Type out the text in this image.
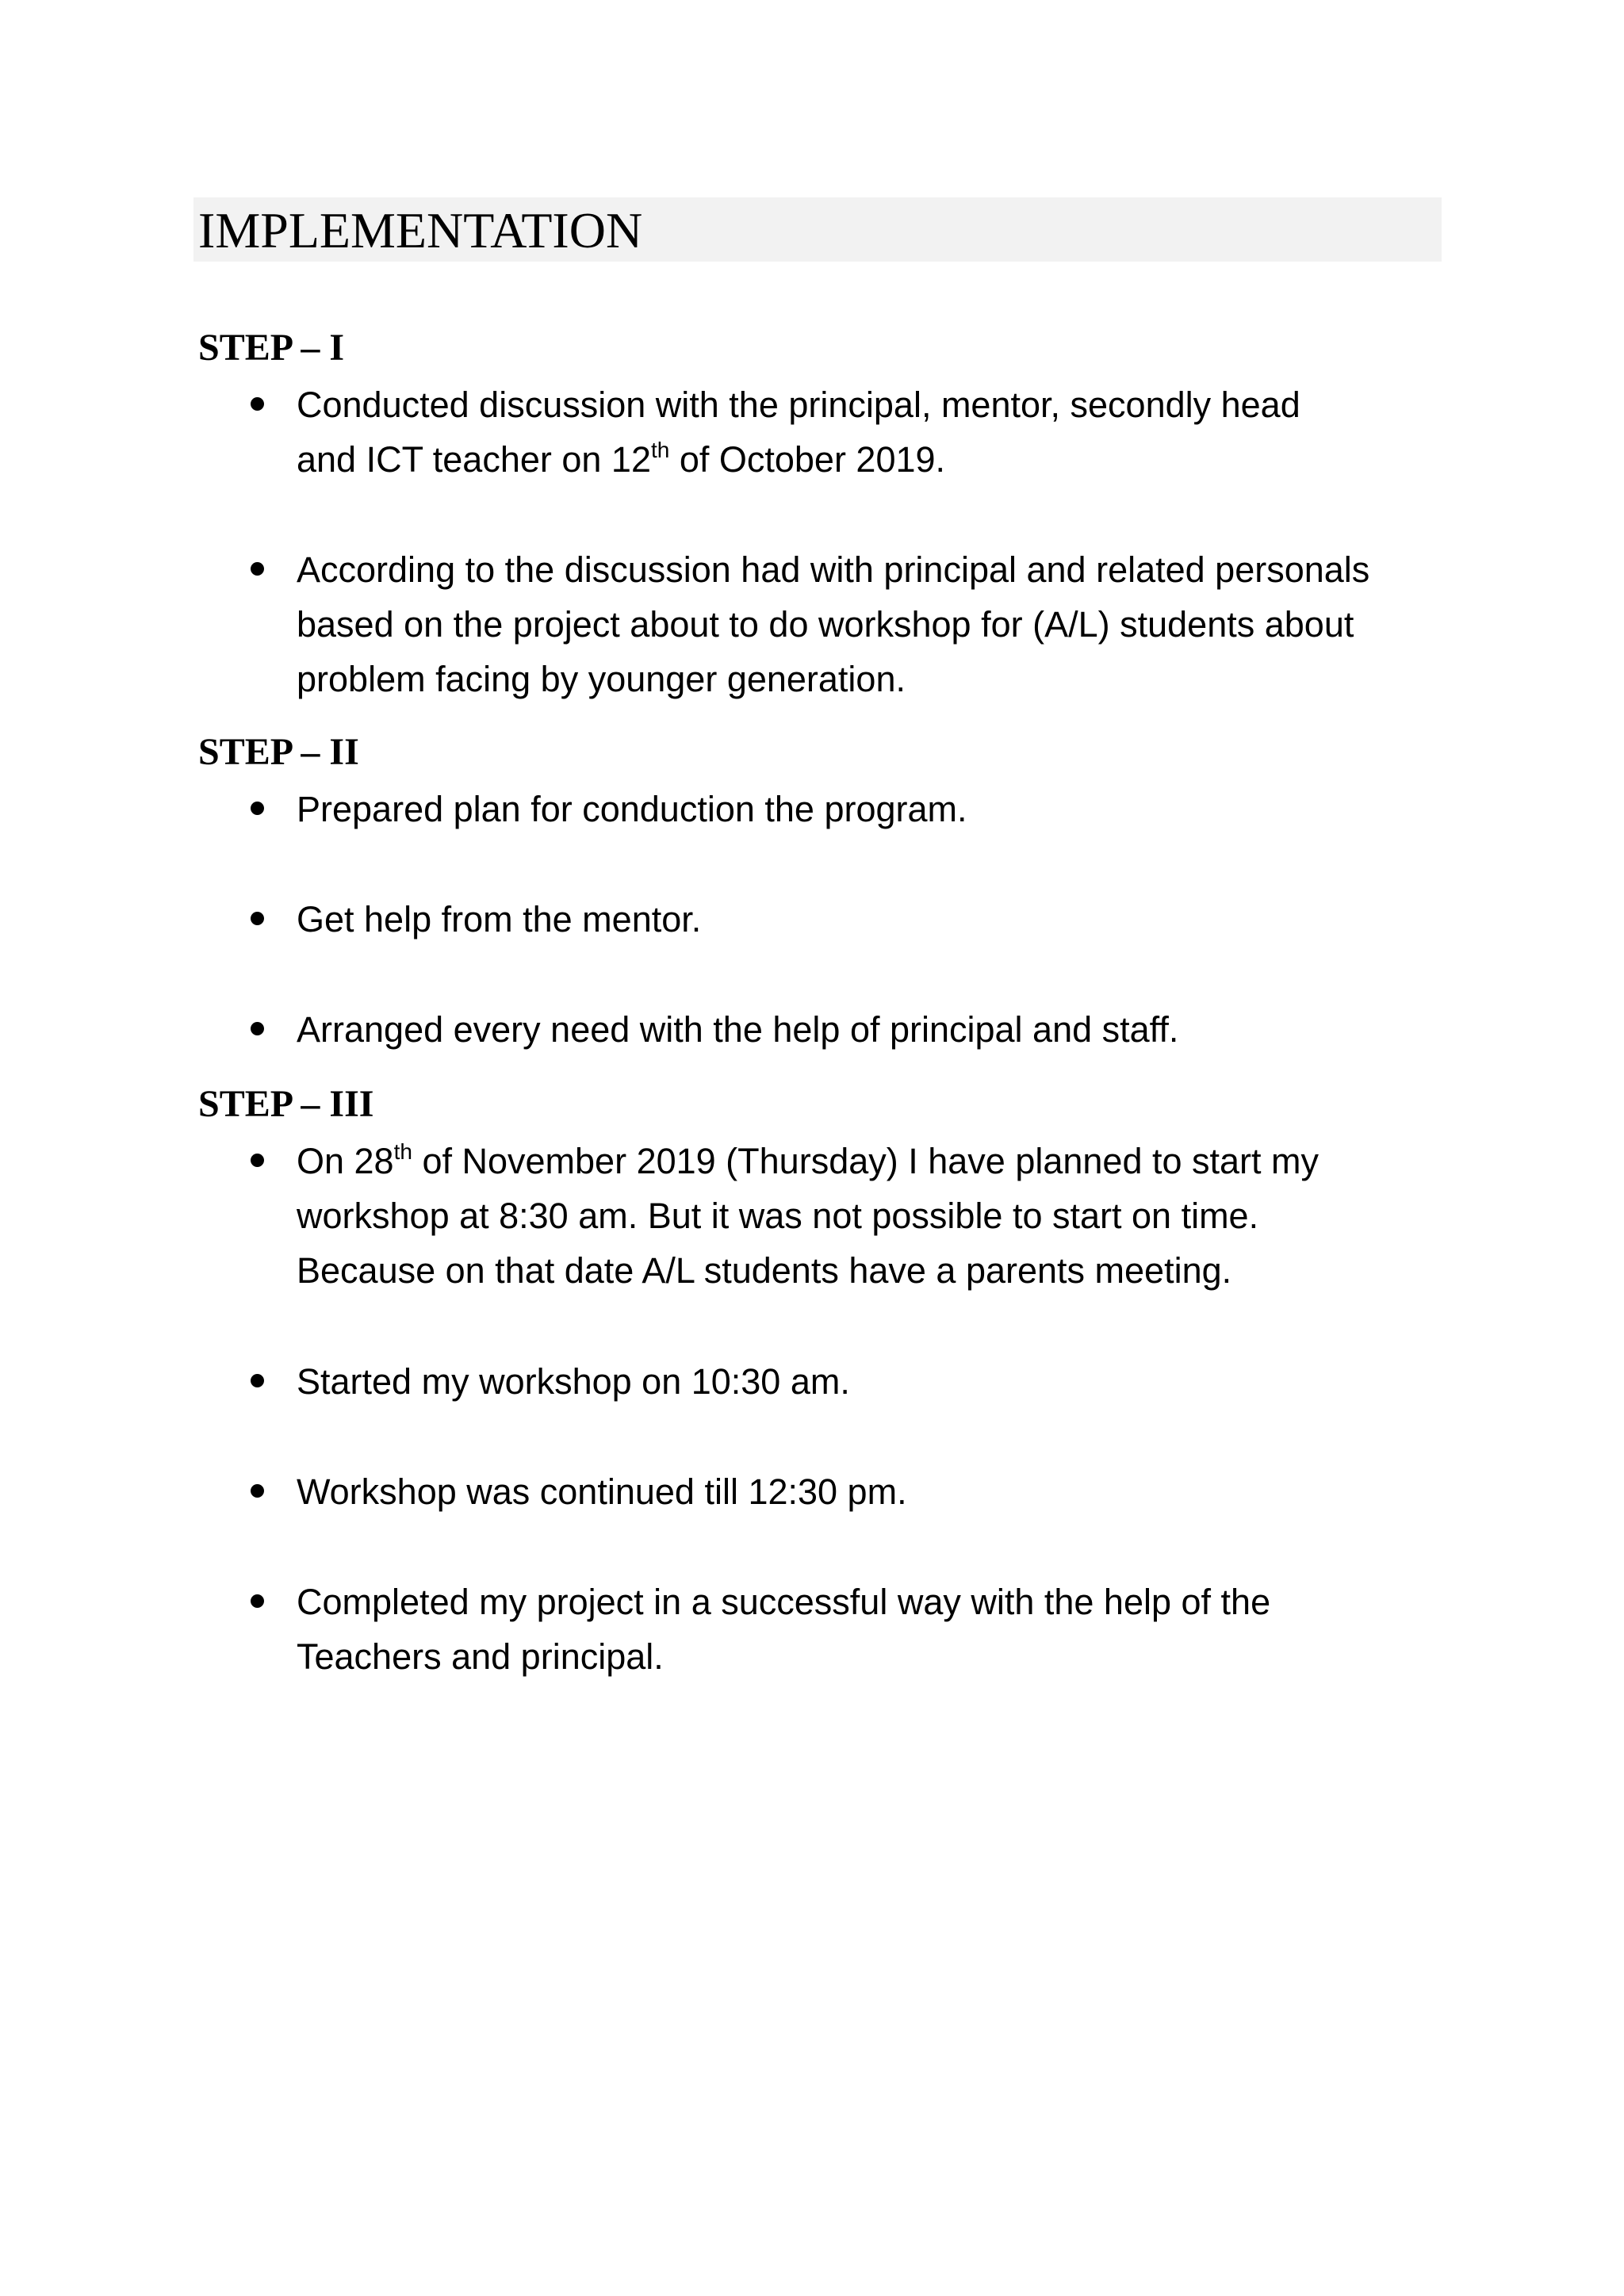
IMPLEMENTATION
STEP – I
Conducted discussion with the principal, mentor, secondly head
and ICT teacher on 12th of October 2019.
According to the discussion had with principal and related personals
based on the project about to do workshop for (A/L) students about
problem facing by younger generation.
STEP – II
Prepared plan for conduction the program.
Get help from the mentor.
Arranged every need with the help of principal and staff.
STEP – III
On 28th of November 2019 (Thursday) I have planned to start my
workshop at 8:30 am. But it was not possible to start on time.
Because on that date A/L students have a parents meeting.
Started my workshop on 10:30 am.
Workshop was continued till 12:30 pm.
Completed my project in a successful way with the help of the
Teachers and principal.
